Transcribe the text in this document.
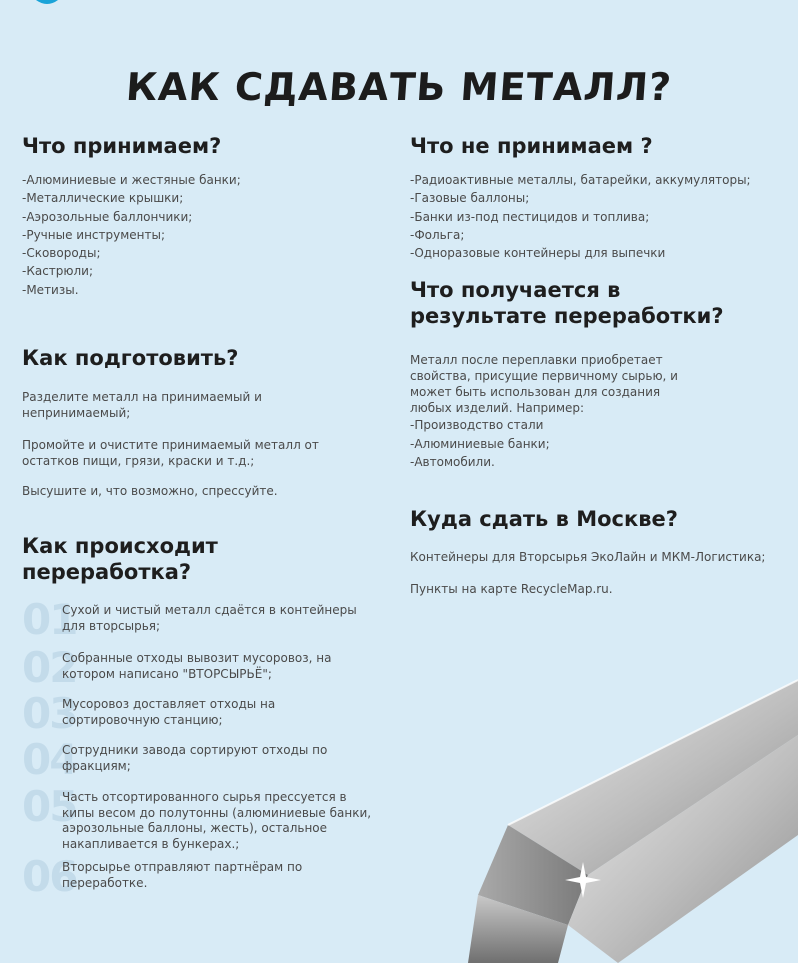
КАК СДАВАТЬ МЕТАЛЛ?
Что принимаем?
-Алюминиевые и жестяные банки;
-Металлические крышки;
-Аэрозольные баллончики;
-Ручные инструменты;
-Сковороды;
-Кастрюли;
-Метизы.
Что не принимаем ?
-Радиоактивные металлы, батарейки, аккумуляторы;
-Газовые баллоны;
-Банки из-под пестицидов и топлива;
-Фольга;
-Одноразовые контейнеры для выпечки
Что получается в
результате переработки?

Металл после переплавки приобретает свойства, присущие первичному сырью, и может быть использован для создания любых изделий. Например:

-Производство стали
-Алюминиевые банки;
-Автомобили.
Как подготовить?

Разделите металл на принимаемый и непринимаемый;

Промойте и очистите принимаемый металл от остатков пищи, грязи, краски и т.д.;

Высушите и, что возможно, спрессуйте.

Куда сдать в Москве?

Контейнеры для Вторсырья ЭкоЛайн и МКМ-Логистика;

Пункты на карте RecycleMap.ru.

Как происходит
переработка?
01
Сухой и чистый металл сдаётся в контейнеры для вторсырья;
02
Собранные отходы вывозит мусоровоз, на котором написано "ВТОРСЫРЬЁ";
03
Мусоровоз доставляет отходы на сортировочную станцию;
04
Сотрудники завода сортируют отходы по фракциям;
05
Часть отсортированного сырья прессуется в кипы весом до полутонны (алюминиевые банки, аэрозольные баллоны, жесть), остальное накапливается в бункерах.;
06
Вторсырье отправляют партнёрам по переработке.
